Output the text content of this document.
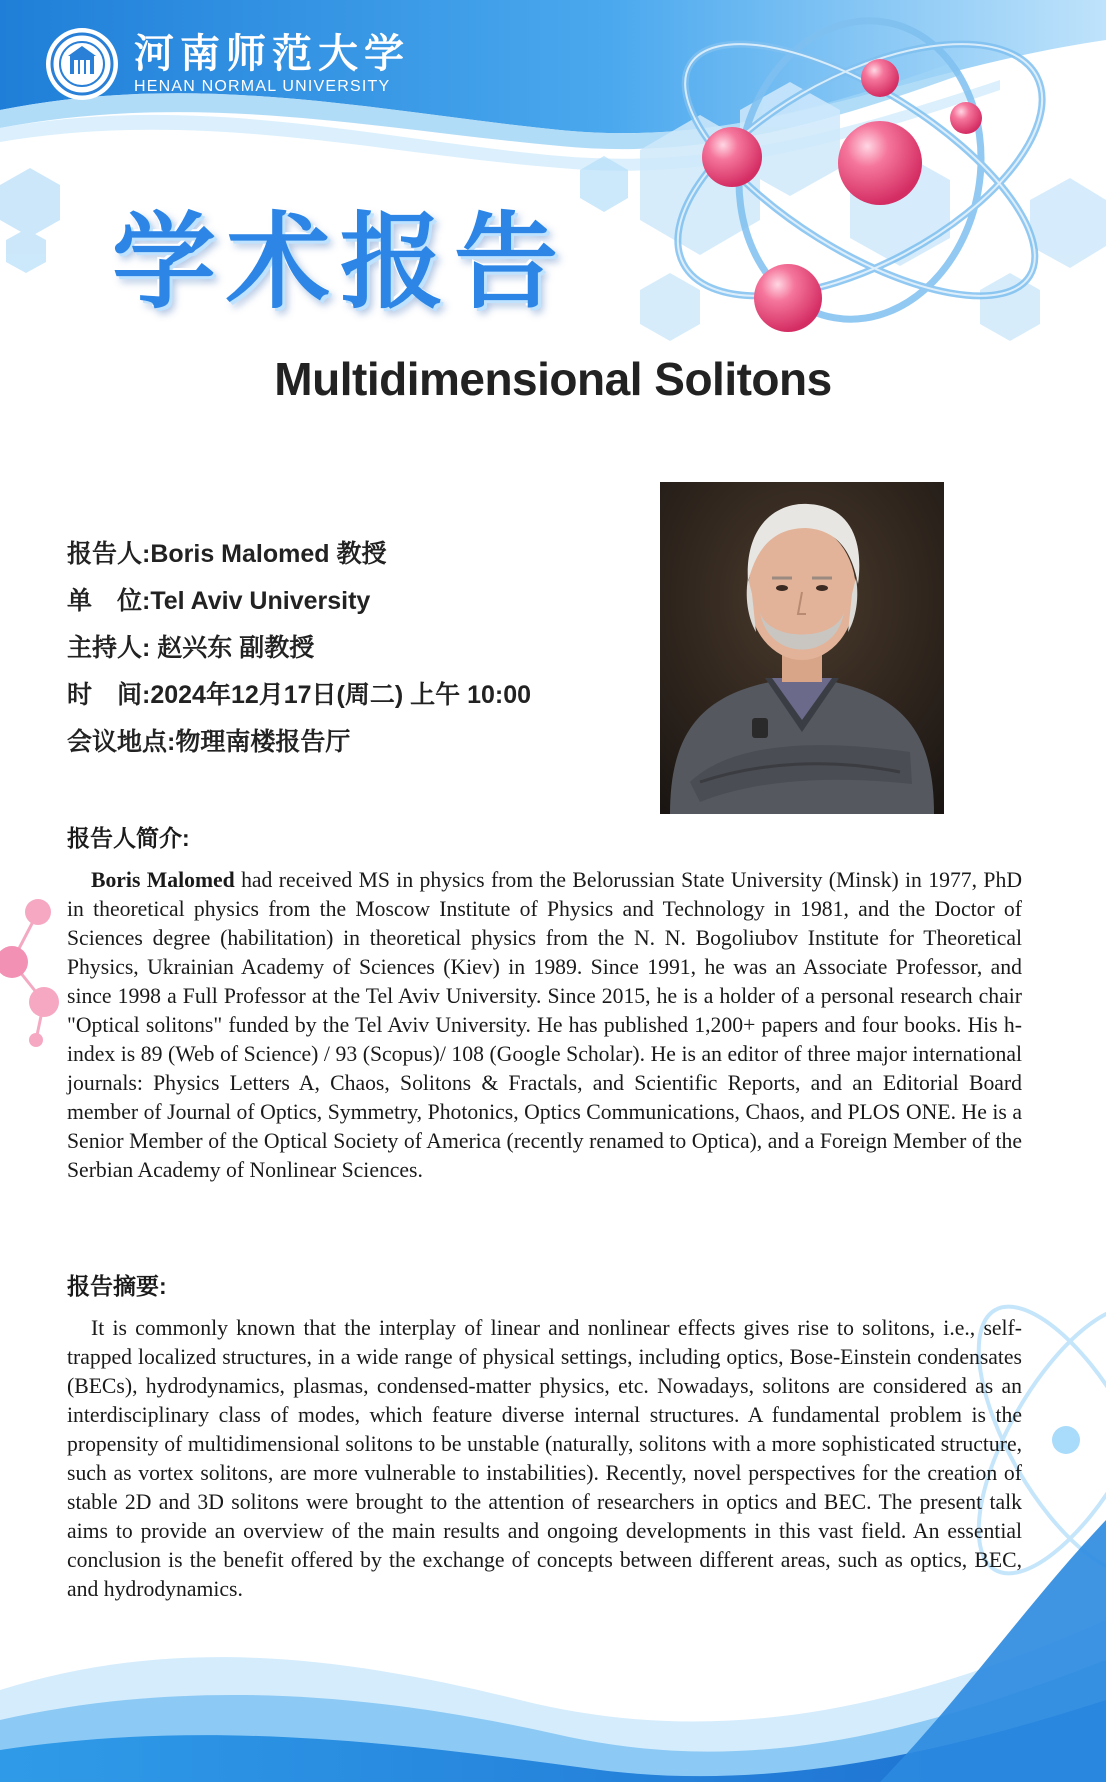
河南师范大学
HENAN NORMAL UNIVERSITY
学术报告
Multidimensional Solitons
报告人:Boris Malomed 教授
单　位:Tel Aviv University
主持人: 赵兴东 副教授
时　间:2024年12月17日(周二) 上午 10:00
会议地点:物理南楼报告厅
报告人简介:
Boris Malomed had received MS in physics from the Belorussian State University (Minsk) in 1977, PhD in theoretical physics from the Moscow Institute of Physics and Technology in 1981, and the Doctor of Sciences degree (habilitation) in theoretical physics from the N. N. Bogoliubov Institute for Theoretical Physics, Ukrainian Academy of Sciences (Kiev) in 1989. Since 1991, he was an Associate Professor, and since 1998 a Full Professor at the Tel Aviv University. Since 2015, he is a holder of a personal research chair "Optical solitons" funded by the Tel Aviv University. He has published 1,200+ papers and four books. His h-index is 89 (Web of Science) / 93 (Scopus)/ 108 (Google Scholar). He is an editor of three major international journals: Physics Letters A, Chaos, Solitons & Fractals, and Scientific Reports, and an Editorial Board member of Journal of Optics, Symmetry, Photonics, Optics Communications, Chaos, and PLOS ONE. He is a Senior Member of the Optical Society of America (recently renamed to Optica), and a Foreign Member of the Serbian Academy of Nonlinear Sciences.
报告摘要:
It is commonly known that the interplay of linear and nonlinear effects gives rise to solitons, i.e., self-trapped localized structures, in a wide range of physical settings, including optics, Bose-Einstein condensates (BECs), hydrodynamics, plasmas, condensed-matter physics, etc. Nowadays, solitons are considered as an interdisciplinary class of modes, which feature diverse internal structures. A fundamental problem is the propensity of multidimensional solitons to be unstable (naturally, solitons with a more sophisticated structure, such as vortex solitons, are more vulnerable to instabilities). Recently, novel perspectives for the creation of stable 2D and 3D solitons were brought to the attention of researchers in optics and BEC. The present talk aims to provide an overview of the main results and ongoing developments in this vast field. An essential conclusion is the benefit offered by the exchange of concepts between different areas, such as optics, BEC, and hydrodynamics.
